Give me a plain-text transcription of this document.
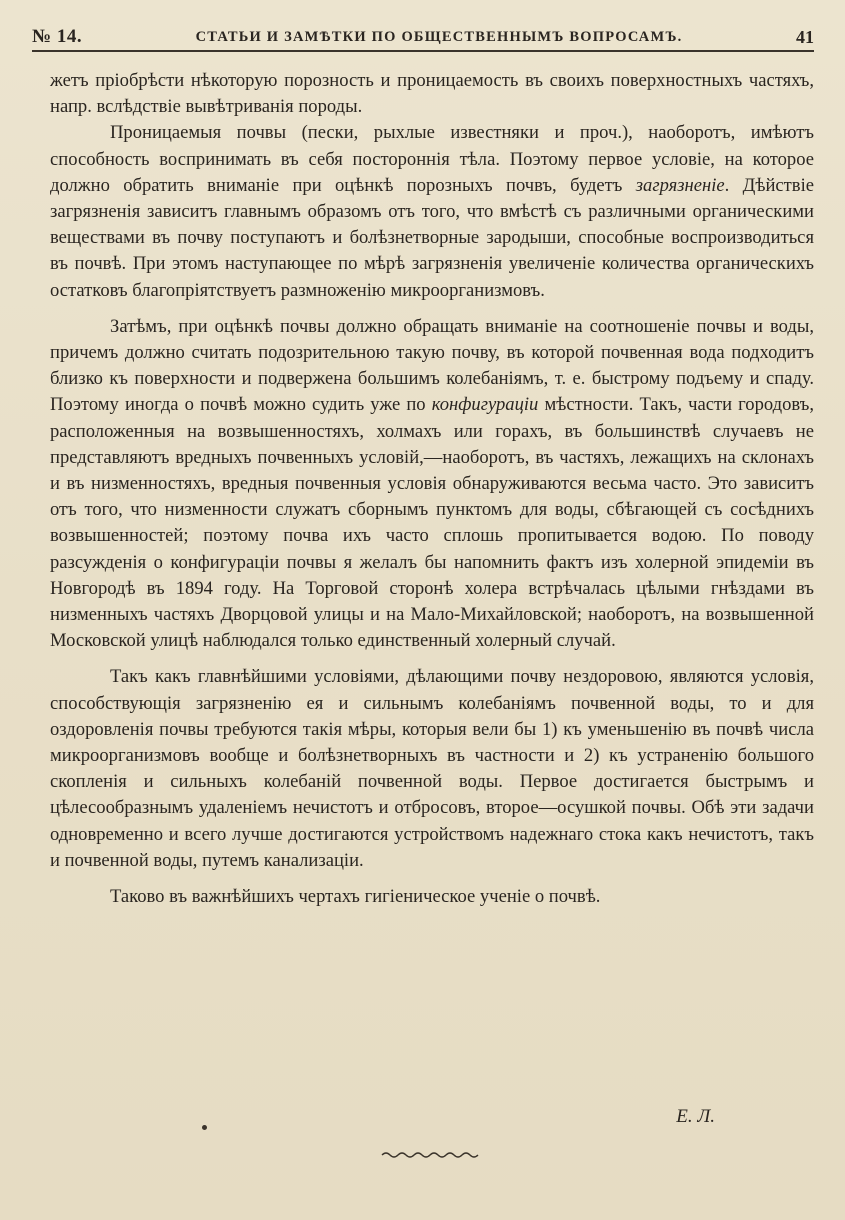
№ 14.	СТАТЬИ И ЗАМѢТКИ ПО ОБЩЕСТВЕННЫМЪ ВОПРОСАМЪ.	41

жетъ пріобрѣсти нѣкоторую порозность и проницаемость въ своихъ поверхностныхъ частяхъ, напр. вслѣдствіе вывѣтриванія породы.

Проницаемыя почвы (пески, рыхлые известняки и проч.), наоборотъ, имѣютъ способность воспринимать въ себя постороннія тѣла. Поэтому первое условіе, на которое должно обратить вниманіе при оцѣнкѣ порозныхъ почвъ, будетъ загрязненіе. Дѣйствіе загрязненія зависитъ главнымъ образомъ отъ того, что вмѣстѣ съ различными органическими веществами въ почву поступаютъ и болѣзнетворные зародыши, способные воспроизводиться въ почвѣ. При этомъ наступающее по мѣрѣ загрязненія увеличеніе количества органическихъ остатковъ благопріятствуетъ размноженію микроорганизмовъ.

Затѣмъ, при оцѣнкѣ почвы должно обращать вниманіе на соотношеніе почвы и воды, причемъ должно считать подозрительною такую почву, въ которой почвенная вода подходитъ близко къ поверхности и подвержена большимъ колебаніямъ, т. е. быстрому подъему и спаду. Поэтому иногда о почвѣ можно судить уже по конфигураціи мѣстности. Такъ, части городовъ, расположенныя на возвышенностяхъ, холмахъ или горахъ, въ большинствѣ случаевъ не представляютъ вредныхъ почвенныхъ условій,—наоборотъ, въ частяхъ, лежащихъ на склонахъ и въ низменностяхъ, вредныя почвенныя условія обнаруживаются весьма часто. Это зависитъ отъ того, что низменности служатъ сборнымъ пунктомъ для воды, сбѣгающей съ сосѣднихъ возвышенностей; поэтому почва ихъ часто сплошь пропитывается водою. По поводу разсужденія о конфигураціи почвы я желалъ бы напомнить фактъ изъ холерной эпидеміи въ Новгородѣ въ 1894 году. На Торговой сторонѣ холера встрѣчалась цѣлыми гнѣздами въ низменныхъ частяхъ Дворцовой улицы и на Мало-Михайловской; наоборотъ, на возвышенной Московской улицѣ наблюдался только единственный холерный случай.

Такъ какъ главнѣйшими условіями, дѣлающими почву нездоровою, являются условія, способствующія загрязненію ея и сильнымъ колебаніямъ почвенной воды, то и для оздоровленія почвы требуются такія мѣры, которыя вели бы 1) къ уменьшенію въ почвѣ числа микроорганизмовъ вообще и болѣзнетворныхъ въ частности и 2) къ устраненію большого скопленія и сильныхъ колебаній почвенной воды. Первое достигается быстрымъ и цѣлесообразнымъ удаленіемъ нечистотъ и отбросовъ, второе—осушкой почвы. Обѣ эти задачи одновременно и всего лучше достигаются устройствомъ надежнаго стока какъ нечистотъ, такъ и почвенной воды, путемъ канализаціи.

Таково въ важнѣйшихъ чертахъ гигіеническое ученіе о почвѣ.

Е. Л.
